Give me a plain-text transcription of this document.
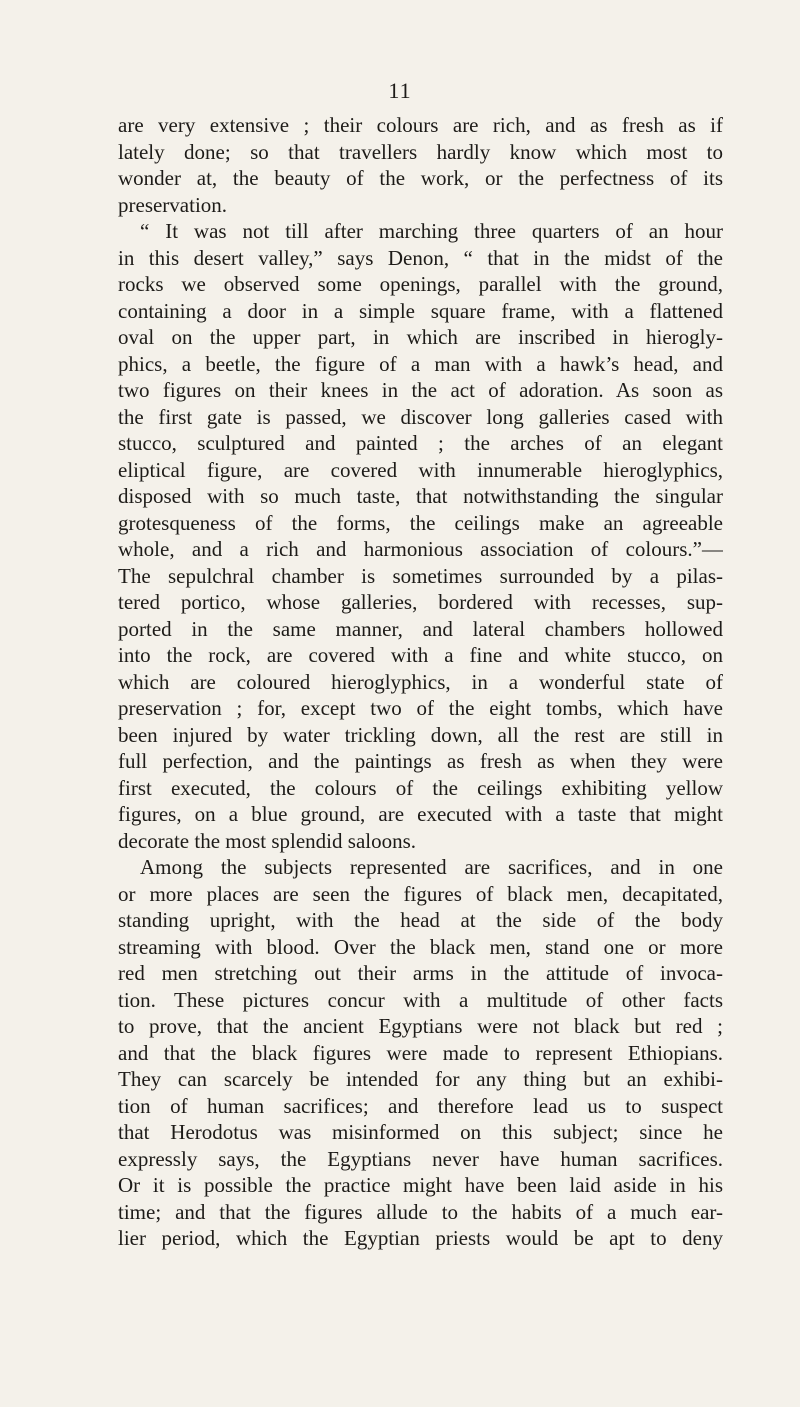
11
are very extensive ; their colours are rich, and as fresh as if
lately done; so that travellers hardly know which most to
wonder at, the beauty of the work, or the perfectness of its
preservation.
“ It was not till after marching three quarters of an hour
in this desert valley,” says Denon, “ that in the midst of the
rocks we observed some openings, parallel with the ground,
containing a door in a simple square frame, with a flattened
oval on the upper part, in which are inscribed in hierogly-
phics, a beetle, the figure of a man with a hawk’s head, and
two figures on their knees in the act of adoration. As soon as
the first gate is passed, we discover long galleries cased with
stucco, sculptured and painted ; the arches of an elegant
eliptical figure, are covered with innumerable hieroglyphics,
disposed with so much taste, that notwithstanding the singular
grotesqueness of the forms, the ceilings make an agreeable
whole, and a rich and harmonious association of colours.”—
The sepulchral chamber is sometimes surrounded by a pilas-
tered portico, whose galleries, bordered with recesses, sup-
ported in the same manner, and lateral chambers hollowed
into the rock, are covered with a fine and white stucco, on
which are coloured hieroglyphics, in a wonderful state of
preservation ; for, except two of the eight tombs, which have
been injured by water trickling down, all the rest are still in
full perfection, and the paintings as fresh as when they were
first executed, the colours of the ceilings exhibiting yellow
figures, on a blue ground, are executed with a taste that might
decorate the most splendid saloons.
Among the subjects represented are sacrifices, and in one
or more places are seen the figures of black men, decapitated,
standing upright, with the head at the side of the body
streaming with blood. Over the black men, stand one or more
red men stretching out their arms in the attitude of invoca-
tion. These pictures concur with a multitude of other facts
to prove, that the ancient Egyptians were not black but red ;
and that the black figures were made to represent Ethiopians.
They can scarcely be intended for any thing but an exhibi-
tion of human sacrifices; and therefore lead us to suspect
that Herodotus was misinformed on this subject; since he
expressly says, the Egyptians never have human sacrifices.
Or it is possible the practice might have been laid aside in his
time; and that the figures allude to the habits of a much ear-
lier period, which the Egyptian priests would be apt to deny
